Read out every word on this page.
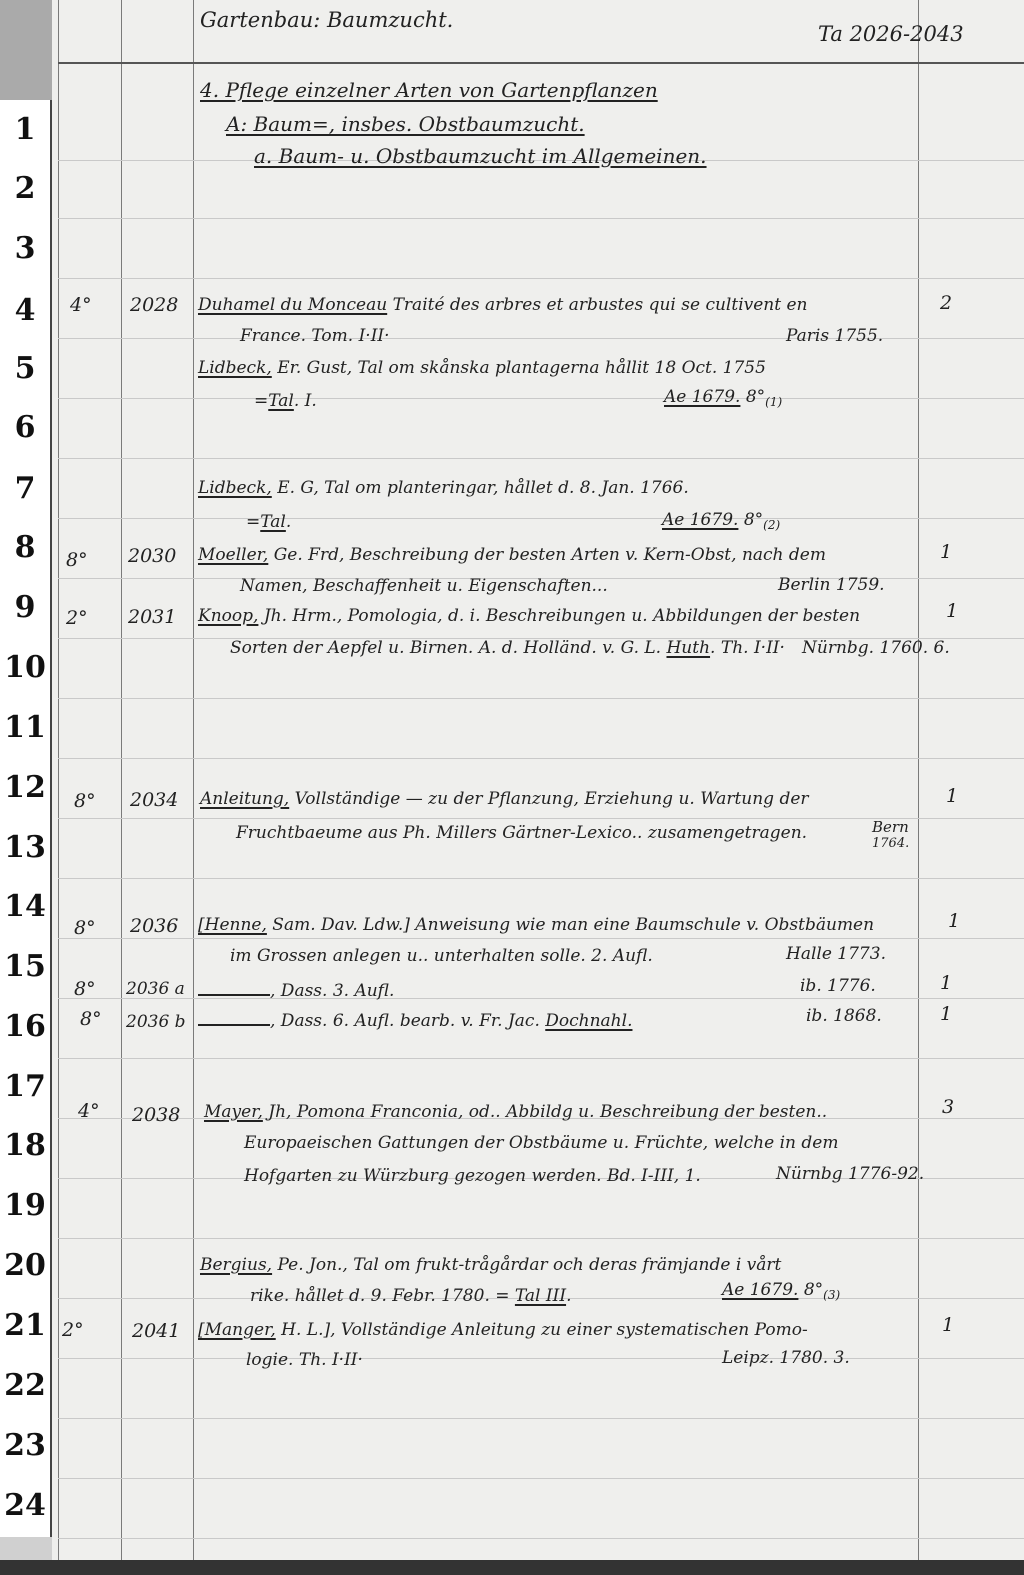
1
2
3
4
5
6
7
8
9
10
11
12
13
14
15
16
17
18
19
20
21
22
23
24
Gartenbau: Baumzucht.
Ta 2026-2043
4. Pflege einzelner Arten von Gartenpflanzen
A: Baum=, insbes. Obstbaumzucht.
a. Baum- u. Obstbaumzucht im Allgemeinen.
4° 2028 Duhamel du Monceau Traité des arbres et arbustes qui se cultivent en	2
France. Tom. I·II·	Paris 1755.
Lidbeck, Er. Gust, Tal om skånska plantagerna hållit 18 Oct. 1755
=Tal. I.	Ae 1679. $8^\circ_{(1)}$
Lidbeck, E. G, Tal om planteringar, hållet d. 8. Jan. 1766.
=Tal.	Ae 1679. $8^\circ_{(2)}$
8° 2030 Moeller, Ge. Frd, Beschreibung der besten Arten v. Kern-Obst, nach dem	1
Namen, Beschaffenheit u. Eigenschaften...	Berlin 1759.
2° 2031 Knoop, Jh. Hrm., Pomologia, d. i. Beschreibungen u. Abbildungen der besten	1
Sorten der Aepfel u. Birnen. A. d. Holländ. v. G. L. Huth. Th. I·II· Nürnbg. 1760. 6.
8° 2034 Anleitung, Vollständige — zu der Pflanzung, Erziehung u. Wartung der	1
Fruchtbaeume aus Ph. Millers Gärtner-Lexico.. zusamengetragen.	Bern
1764.
8° 2036 [Henne, Sam. Dav. Ldw.] Anweisung wie man eine Baumschule v. Obstbäumen	1
im Grossen anlegen u.. unterhalten solle. 2. Aufl.	Halle 1773.
8° 2036 a	, Dass. 3. Aufl.	1
ib. 1776.
8° 2036 b	, Dass. 6. Aufl. bearb. v. Fr. Jac. Dochnahl.	1
ib. 1868.
4° 2038 Mayer, Jh, Pomona Franconia, od.. Abbildg u. Beschreibung der besten..	3
Europaeischen Gattungen der Obstbäume u. Früchte, welche in dem
Hofgarten zu Würzburg gezogen werden. Bd. I-III, 1.	Nürnbg 1776-92.
Bergius, Pe. Jon., Tal om frukt-trågårdar och deras främjande i vårt
rike. hållet d. 9. Febr. 1780. = Tal III.	Ae 1679. $8^\circ_{(3)}$
2°	2041 [Manger, H. L.], Vollständige Anleitung zu einer systematischen Pomo-	1
logie. Th. I·II·	Leipz. 1780. 3.
